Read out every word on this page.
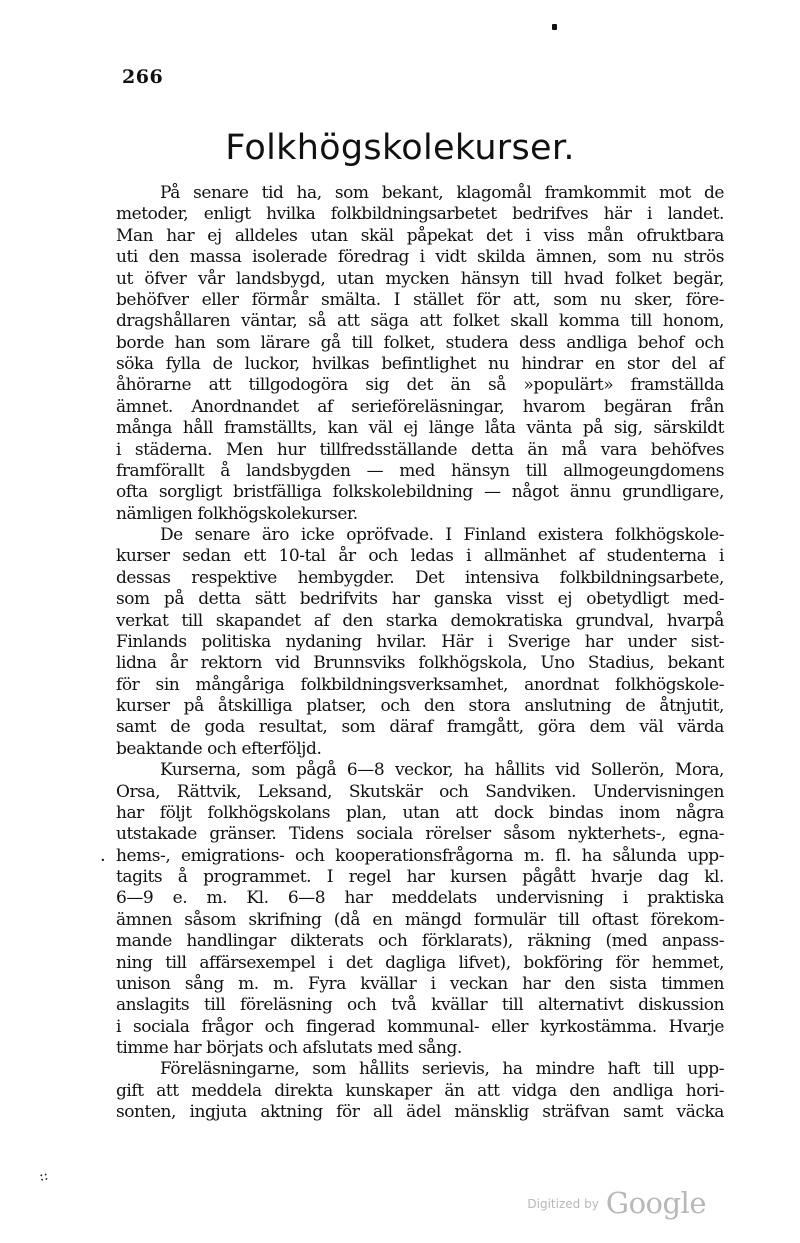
266
Folkhögskolekurser.
På senare tid ha, som bekant, klagomål framkommit mot de
metoder, enligt hvilka folkbildningsarbetet bedrifves här i landet.
Man har ej alldeles utan skäl påpekat det i viss mån ofruktbara
uti den massa isolerade föredrag i vidt skilda ämnen, som nu strös
ut öfver vår landsbygd, utan mycken hänsyn till hvad folket begär,
behöfver eller förmår smälta. I stället för att, som nu sker, före-
dragshållaren väntar, så att säga att folket skall komma till honom,
borde han som lärare gå till folket, studera dess andliga behof och
söka fylla de luckor, hvilkas befintlighet nu hindrar en stor del af
åhörarne att tillgodogöra sig det än så »populärt» framställda
ämnet. Anordnandet af serieföreläsningar, hvarom begäran från
många håll framställts, kan väl ej länge låta vänta på sig, särskildt
i städerna. Men hur tillfredsställande detta än må vara behöfves
framförallt å landsbygden — med hänsyn till allmogeungdomens
ofta sorgligt bristfälliga folkskolebildning — något ännu grundligare,
nämligen folkhögskolekurser.
De senare äro icke opröfvade. I Finland existera folkhögskole-
kurser sedan ett 10-tal år och ledas i allmänhet af studenterna i
dessas respektive hembygder. Det intensiva folkbildningsarbete,
som på detta sätt bedrifvits har ganska visst ej obetydligt med-
verkat till skapandet af den starka demokratiska grundval, hvarpå
Finlands politiska nydaning hvilar. Här i Sverige har under sist-
lidna år rektorn vid Brunnsviks folkhögskola, Uno Stadius, bekant
för sin mångåriga folkbildningsverksamhet, anordnat folkhögskole-
kurser på åtskilliga platser, och den stora anslutning de åtnjutit,
samt de goda resultat, som däraf framgått, göra dem väl värda
beaktande och efterföljd.
Kurserna, som pågå 6—8 veckor, ha hållits vid Sollerön, Mora,
Orsa, Rättvik, Leksand, Skutskär och Sandviken. Undervisningen
har följt folkhögskolans plan, utan att dock bindas inom några
utstakade gränser. Tidens sociala rörelser såsom nykterhets-, egna-
hems-, emigrations- och kooperationsfrågorna m. fl. ha sålunda upp-
tagits å programmet. I regel har kursen pågått hvarje dag kl.
6—9 e. m. Kl. 6—8 har meddelats undervisning i praktiska
ämnen såsom skrifning (då en mängd formulär till oftast förekom-
mande handlingar dikterats och förklarats), räkning (med anpass-
ning till affärsexempel i det dagliga lifvet), bokföring för hemmet,
unison sång m. m. Fyra kvällar i veckan har den sista timmen
anslagits till föreläsning och två kvällar till alternativt diskussion
i sociala frågor och fingerad kommunal- eller kyrkostämma. Hvarje
timme har börjats och afslutats med sång.
Föreläsningarne, som hållits serievis, ha mindre haft till upp-
gift att meddela direkta kunskaper än att vidga den andliga hori-
sonten, ingjuta aktning för all ädel mänsklig sträfvan samt väcka
·
⁘
$^{Digitized by}$ Google
